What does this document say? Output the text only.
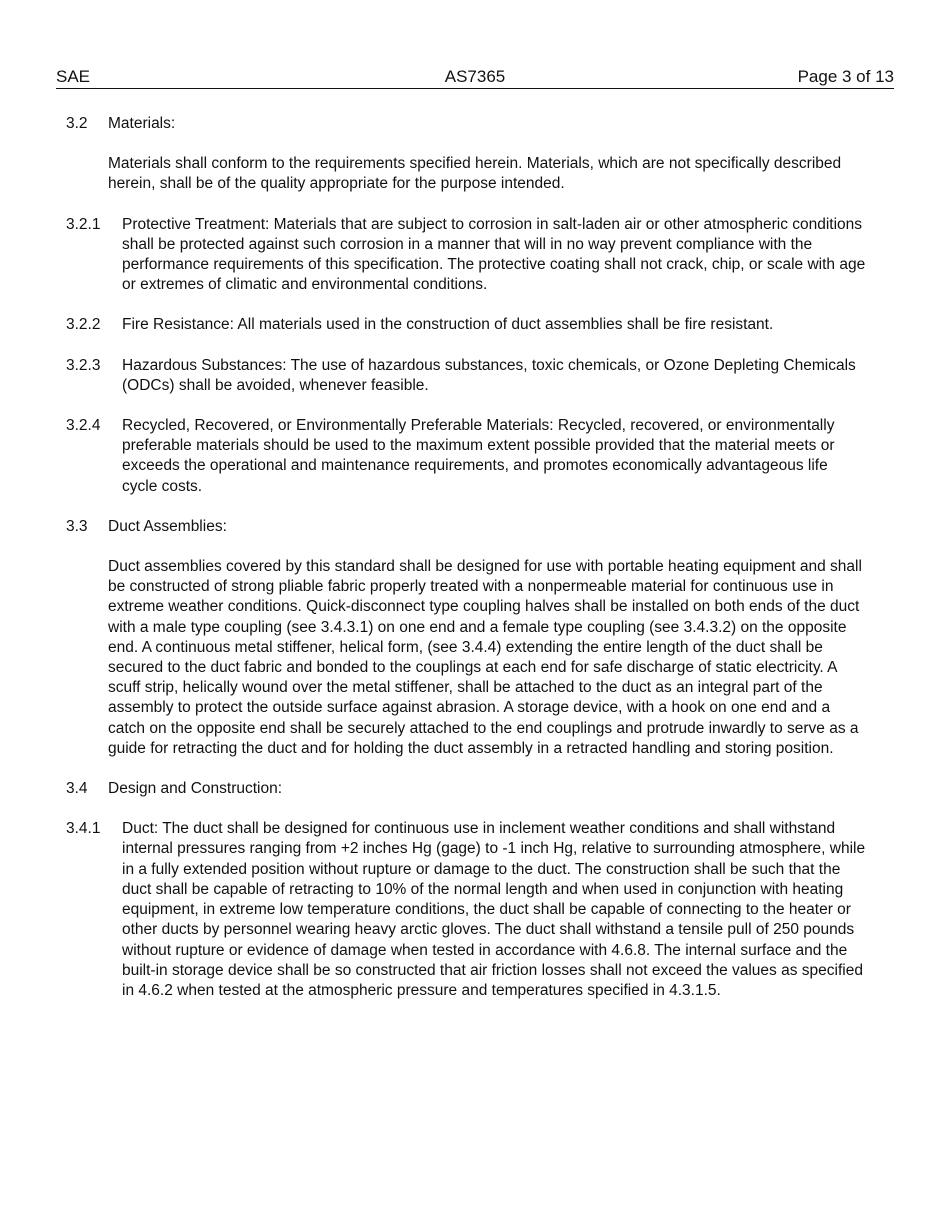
SAE	AS7365	Page 3 of 13
3.2	Materials:
Materials shall conform to the requirements specified herein. Materials, which are not specifically described herein, shall be of the quality appropriate for the purpose intended.
3.2.1	Protective Treatment: Materials that are subject to corrosion in salt-laden air or other atmospheric conditions shall be protected against such corrosion in a manner that will in no way prevent compliance with the performance requirements of this specification. The protective coating shall not crack, chip, or scale with age or extremes of climatic and environmental conditions.
3.2.2	Fire Resistance: All materials used in the construction of duct assemblies shall be fire resistant.
3.2.3	Hazardous Substances: The use of hazardous substances, toxic chemicals, or Ozone Depleting Chemicals (ODCs) shall be avoided, whenever feasible.
3.2.4	Recycled, Recovered, or Environmentally Preferable Materials: Recycled, recovered, or environmentally preferable materials should be used to the maximum extent possible provided that the material meets or exceeds the operational and maintenance requirements, and promotes economically advantageous life cycle costs.
3.3	Duct Assemblies:
Duct assemblies covered by this standard shall be designed for use with portable heating equipment and shall be constructed of strong pliable fabric properly treated with a nonpermeable material for continuous use in extreme weather conditions. Quick-disconnect type coupling halves shall be installed on both ends of the duct with a male type coupling (see 3.4.3.1) on one end and a female type coupling (see 3.4.3.2) on the opposite end. A continuous metal stiffener, helical form, (see 3.4.4) extending the entire length of the duct shall be secured to the duct fabric and bonded to the couplings at each end for safe discharge of static electricity. A scuff strip, helically wound over the metal stiffener, shall be attached to the duct as an integral part of the assembly to protect the outside surface against abrasion. A storage device, with a hook on one end and a catch on the opposite end shall be securely attached to the end couplings and protrude inwardly to serve as a guide for retracting the duct and for holding the duct assembly in a retracted handling and storing position.
3.4	Design and Construction:
3.4.1	Duct: The duct shall be designed for continuous use in inclement weather conditions and shall withstand internal pressures ranging from +2 inches Hg (gage) to -1 inch Hg, relative to surrounding atmosphere, while in a fully extended position without rupture or damage to the duct. The construction shall be such that the duct shall be capable of retracting to 10% of the normal length and when used in conjunction with heating equipment, in extreme low temperature conditions, the duct shall be capable of connecting to the heater or other ducts by personnel wearing heavy arctic gloves. The duct shall withstand a tensile pull of 250 pounds without rupture or evidence of damage when tested in accordance with 4.6.8. The internal surface and the built-in storage device shall be so constructed that air friction losses shall not exceed the values as specified in 4.6.2 when tested at the atmospheric pressure and temperatures specified in 4.3.1.5.
